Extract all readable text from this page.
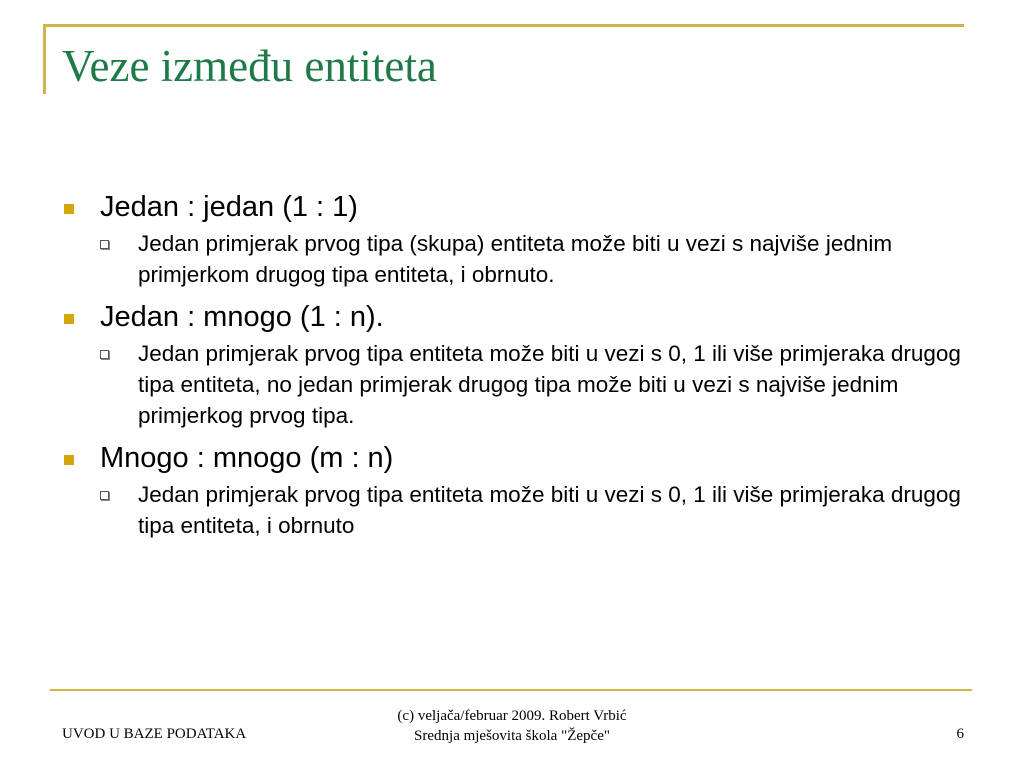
Veze između entiteta
Jedan : jedan (1 : 1)
Jedan primjerak prvog tipa (skupa) entiteta može biti u vezi s najviše jednim primjerkom drugog tipa entiteta, i obrnuto.
Jedan : mnogo (1 : n).
Jedan primjerak prvog tipa entiteta može biti u vezi s 0, 1 ili više primjeraka drugog tipa entiteta, no jedan primjerak drugog tipa može biti u vezi s najviše jednim primjerkog prvog tipa.
Mnogo : mnogo (m : n)
Jedan primjerak prvog tipa entiteta može biti u vezi s 0, 1 ili više primjeraka drugog tipa entiteta, i obrnuto
UVOD U BAZE PODATAKA
(c) veljača/februar 2009. Robert Vrbić
Srednja mješovita škola "Žepče"	6
